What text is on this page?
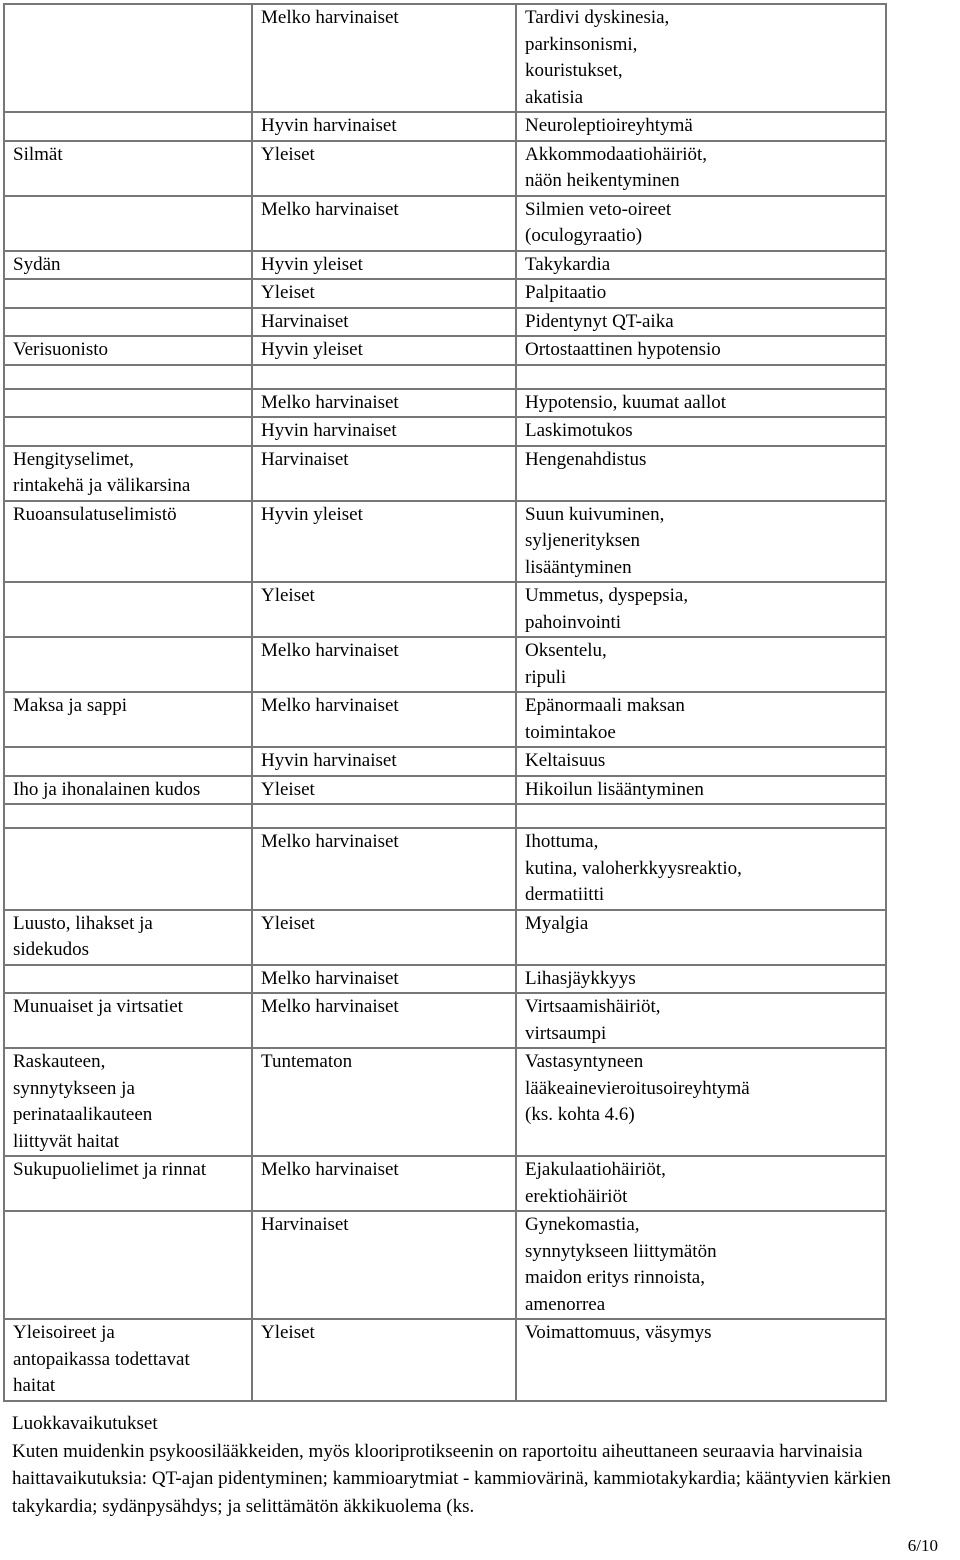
	Melko harvinaiset	Tardivi dyskinesia,
parkinsonismi,
kouristukset,
akatisia
	Hyvin harvinaiset	Neuroleptioireyhtymä
Silmät	Yleiset	Akkommodaatiohäiriöt,
näön heikentyminen
	Melko harvinaiset	Silmien veto-oireet
(oculogyraatio)
Sydän	Hyvin yleiset	Takykardia
	Yleiset	Palpitaatio
	Harvinaiset	Pidentynyt QT-aika
Verisuonisto	Hyvin yleiset	Ortostaattinen hypotensio

	Melko harvinaiset	Hypotensio, kuumat aallot
	Hyvin harvinaiset	Laskimotukos
Hengityselimet,
rintakehä ja välikarsina	Harvinaiset	Hengenahdistus
Ruoansulatuselimistö	Hyvin yleiset	Suun kuivuminen,
syljenerityksen
lisääntyminen
	Yleiset	Ummetus, dyspepsia,
pahoinvointi
	Melko harvinaiset	Oksentelu,
ripuli
Maksa ja sappi	Melko harvinaiset	Epänormaali maksan
toimintakoe
	Hyvin harvinaiset	Keltaisuus
Iho ja ihonalainen kudos	Yleiset	Hikoilun lisääntyminen

	Melko harvinaiset	Ihottuma,
kutina, valoherkkyysreaktio,
dermatiitti
Luusto, lihakset ja
sidekudos	Yleiset	Myalgia
	Melko harvinaiset	Lihasjäykkyys
Munuaiset ja virtsatiet	Melko harvinaiset	Virtsaamishäiriöt,
virtsaumpi
Raskauteen,
synnytykseen ja
perinataalikauteen
liittyvät haitat	Tuntematon	Vastasyntyneen
lääkeainevieroitusoireyhtymä
(ks. kohta 4.6)
Sukupuolielimet ja rinnat	Melko harvinaiset	Ejakulaatiohäiriöt,
erektiohäiriöt
	Harvinaiset	Gynekomastia,
synnytykseen liittymätön
maidon eritys rinnoista,
amenorrea
Yleisoireet ja
antopaikassa todettavat
haitat	Yleiset	Voimattomuus, väsymys
Luokkavaikutukset
Kuten muidenkin psykoosilääkkeiden, myös klooriprotikseenin on raportoitu aiheuttaneen seuraavia harvinaisia haittavaikutuksia: QT-ajan pidentyminen; kammioarytmiat - kammiovärinä, kammiotakykardia; kääntyvien kärkien takykardia; sydänpysähdys; ja selittämätön äkkikuolema (ks.
6/10
